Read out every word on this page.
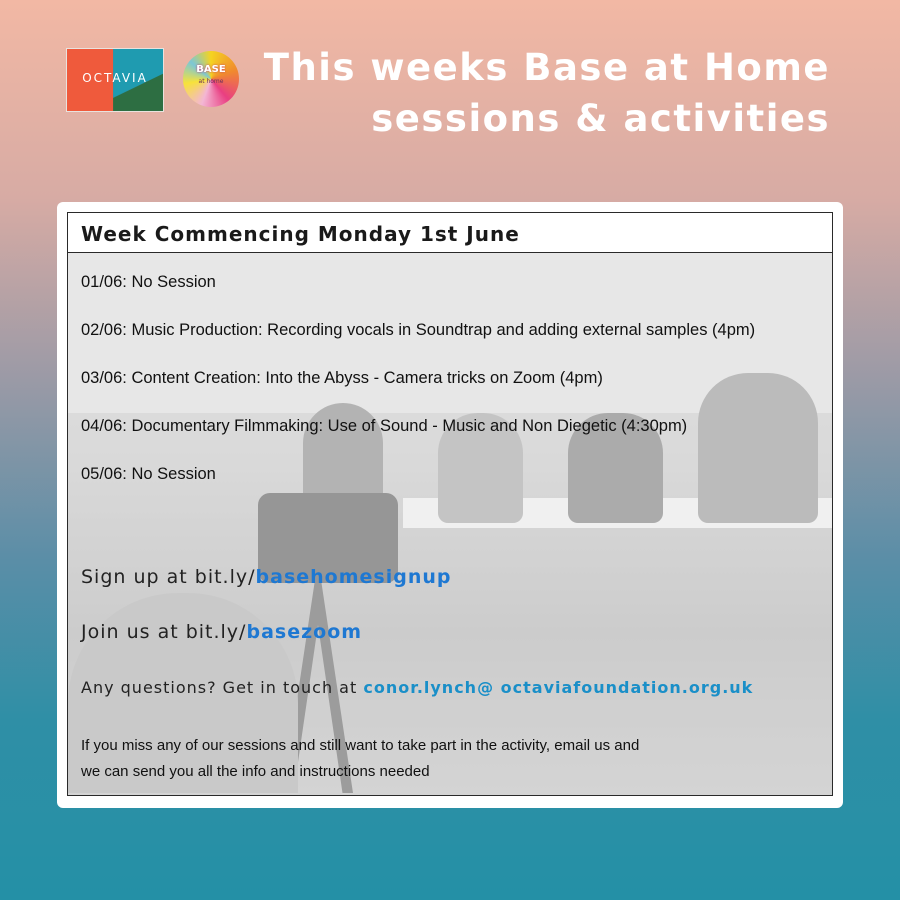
OCTAVIA
BASE
at home	This weeks Base at Home
sessions & activities
Week Commencing Monday 1st June
01/06: No Session
02/06: Music Production: Recording vocals in Soundtrap and adding external samples (4pm)
03/06: Content Creation: Into the Abyss - Camera tricks on Zoom (4pm)
04/06: Documentary Filmmaking: Use of Sound - Music and Non Diegetic (4:30pm)
05/06: No Session
Sign up at bit.ly/basehomesignup
Join us at bit.ly/basezoom
Any questions? Get in touch at conor.lynch@ octaviafoundation.org.uk
If you miss any of our sessions and still want to take part in the activity, email us and
we can send you all the info and instructions needed
